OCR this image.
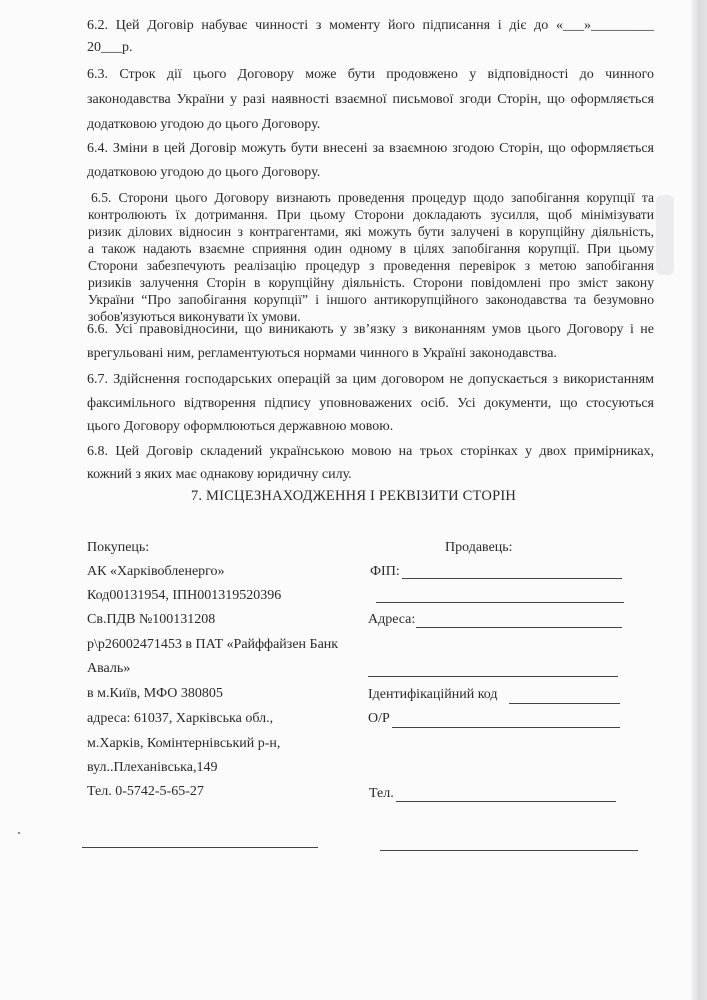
6.2. Цей Договір набуває чинності з моменту його підписання і діє до «___»_________
20___р.
6.3. Строк дії цього Договору може бути продовжено у відповідності до чинного
законодавства України у разі наявності взаємної письмової згоди Сторін, що оформляється
додатковою угодою до цього Договору.
6.4. Зміни в цей Договір можуть бути внесені за взаємною згодою Сторін, що оформляється
додатковою угодою до цього Договору.
6.5. Сторони цього Договору визнають проведення процедур щодо запобігання корупції та
контролюють їх дотримання. При цьому Сторони докладають зусилля, щоб мінімізувати
ризик ділових відносин з контрагентами, які можуть бути залучені в корупційну діяльність,
а також надають взаємне сприяння один одному в цілях запобігання корупції. При цьому
Сторони забезпечують реалізацію процедур з проведення перевірок з метою запобігання
ризиків залучення Сторін в корупційну діяльність. Сторони повідомлені про зміст закону
України “Про запобігання корупції” і іншого антикорупційного законодавства та безумовно
зобов'язуються виконувати їх умови.
6.6. Усі правовідносини, що виникають у зв’язку з виконанням умов цього Договору і не
врегульовані ним, регламентуються нормами чинного в Україні законодавства.
6.7. Здійснення господарських операцій за цим договором не допускається з використанням
факсимільного відтворення підпису уповноважених осіб. Усі документи, що стосуються
цього Договору оформлюються державною мовою.
6.8. Цей Договір складений українською мовою на трьох сторінках у двох примірниках,
кожний з яких має однакову юридичну силу.
7. МІСЦЕЗНАХОДЖЕННЯ І РЕКВІЗИТИ СТОРІН
Покупець:
АК «Харківобленерго»
Код00131954, ІПН001319520396
Св.ПДВ №100131208
р\р26002471453 в ПАТ «Райффайзен Банк
Аваль»
в м.Київ, МФО 380805
адреса: 61037, Харківська обл.,
м.Харків, Комінтернівський р-н,
вул..Плеханівська,149
Тел. 0-5742-5-65-27
Продавець:
ФІП:
Адреса:
Ідентифікаційний код
О/Р
Тел.
